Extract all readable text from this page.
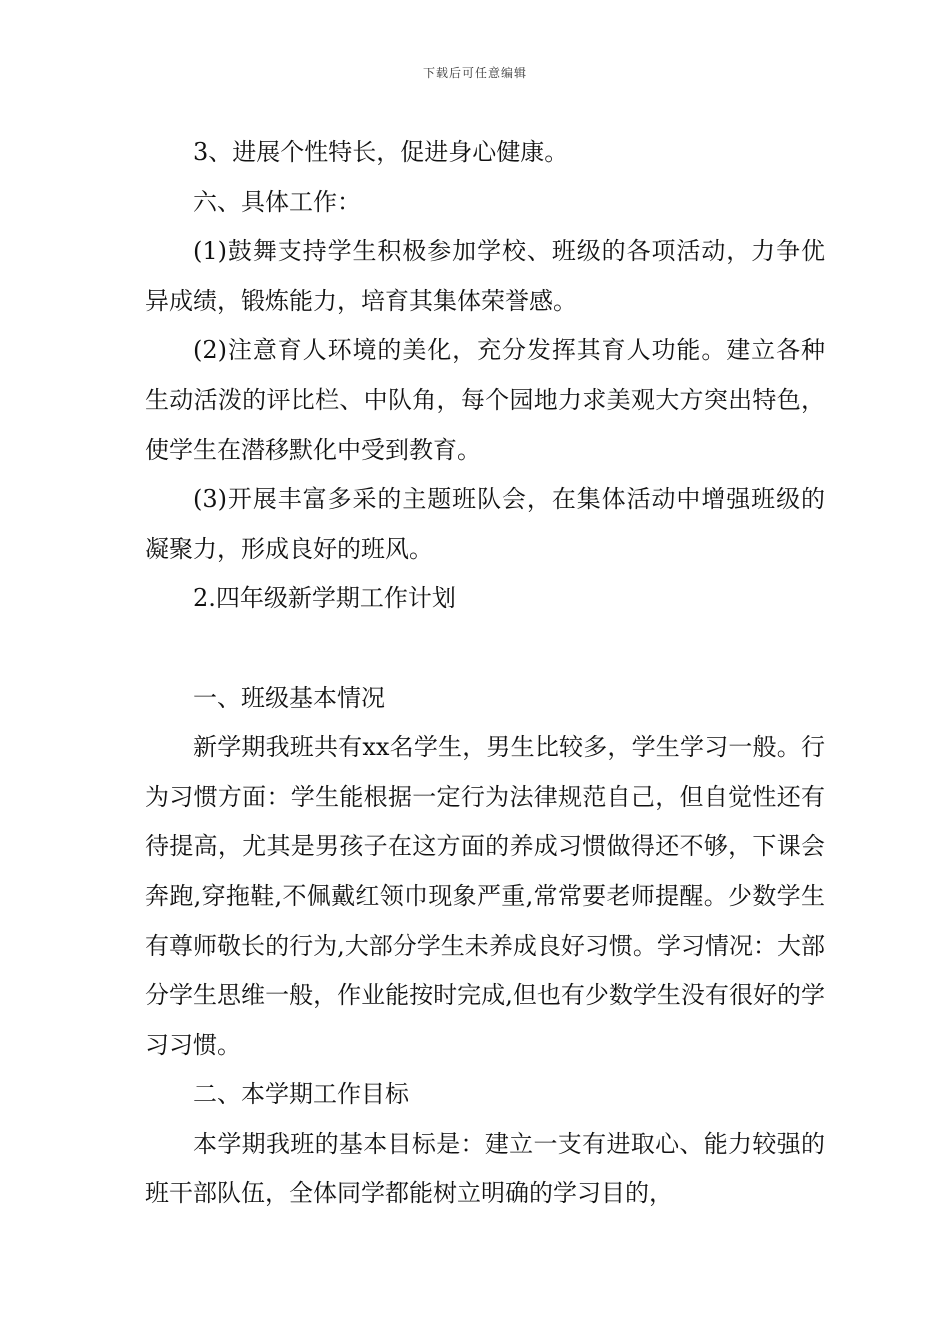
下载后可任意编辑

3、进展个性特长，促进身心健康。

六、具体工作：

(1)鼓舞支持学生积极参加学校、班级的各项活动，力争优异成绩，锻炼能力，培育其集体荣誉感。

(2)注意育人环境的美化，充分发挥其育人功能。建立各种生动活泼的评比栏、中队角，每个园地力求美观大方突出特色，使学生在潜移默化中受到教育。

(3)开展丰富多采的主题班队会，在集体活动中增强班级的凝聚力，形成良好的班风。

2.四年级新学期工作计划

一、班级基本情况

新学期我班共有xx名学生，男生比较多，学生学习一般。行为习惯方面：学生能根据一定行为法律规范自己，但自觉性还有待提高，尤其是男孩子在这方面的养成习惯做得还不够，下课会奔跑,穿拖鞋,不佩戴红领巾现象严重,常常要老师提醒。少数学生有尊师敬长的行为,大部分学生未养成良好习惯。学习情况：大部分学生思维一般，作业能按时完成,但也有少数学生没有很好的学习习惯。

二、本学期工作目标

本学期我班的基本目标是：建立一支有进取心、能力较强的班干部队伍，全体同学都能树立明确的学习目的，
